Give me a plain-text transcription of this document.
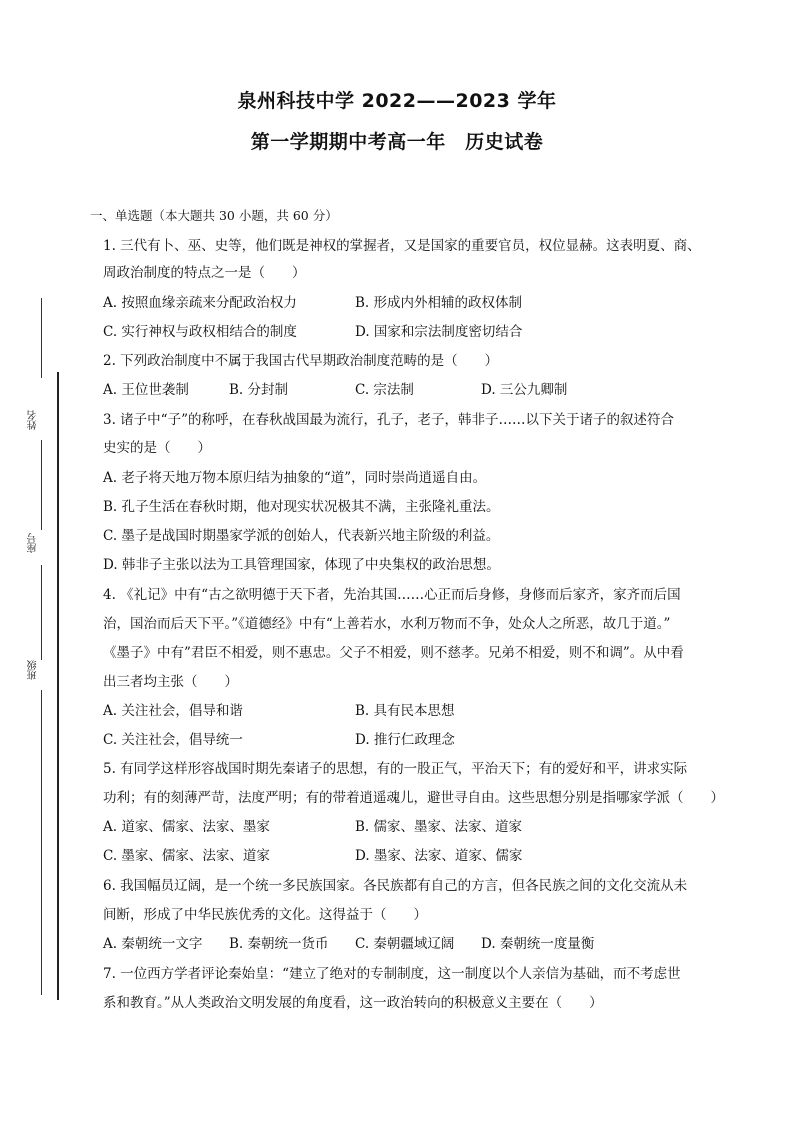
泉州科技中学 2022——2023 学年
第一学期期中考高一年　历史试卷
一、单选题（本大题共 30 小题，共 60 分）
姓名
座号
班级
1. 三代有卜、巫、史等，他们既是神权的掌握者，又是国家的重要官员，权位显赫。这表明夏、商、
周政治制度的特点之一是（　　）
A. 按照血缘亲疏来分配政治权力	B. 形成内外相辅的政权体制
C. 实行神权与政权相结合的制度	D. 国家和宗法制度密切结合
2. 下列政治制度中不属于我国古代早期政治制度范畴的是（　　）
A. 王位世袭制	B. 分封制	C. 宗法制	D. 三公九卿制
3. 诸子中“子”的称呼，在春秋战国最为流行，孔子，老子，韩非子……以下关于诸子的叙述符合
史实的是（　　）
A. 老子将天地万物本原归结为抽象的“道”，同时崇尚逍遥自由。
B. 孔子生活在春秋时期，他对现实状况极其不满，主张隆礼重法。
C. 墨子是战国时期墨家学派的创始人，代表新兴地主阶级的利益。
D. 韩非子主张以法为工具管理国家，体现了中央集权的政治思想。
4. 《礼记》中有“古之欲明德于天下者，先治其国……心正而后身修，身修而后家齐，家齐而后国
治，国治而后天下平。”《道德经》中有“上善若水，水利万物而不争，处众人之所恶，故几于道。”
《墨子》中有”君臣不相爱，则不惠忠。父子不相爱，则不慈孝。兄弟不相爱，则不和调”。从中看
出三者均主张（　　）
A. 关注社会，倡导和谐	B. 具有民本思想
C. 关注社会，倡导统一	D. 推行仁政理念
5. 有同学这样形容战国时期先秦诸子的思想，有的一股正气，平治天下；有的爱好和平，讲求实际
功利；有的刻薄严苛，法度严明；有的带着逍遥魂儿，避世寻自由。这些思想分别是指哪家学派（　　）
A. 道家、儒家、法家、墨家	B. 儒家、墨家、法家、道家
C. 墨家、儒家、法家、道家	D. 墨家、法家、道家、儒家
6. 我国幅员辽阔，是一个统一多民族国家。各民族都有自己的方言，但各民族之间的文化交流从未
间断，形成了中华民族优秀的文化。这得益于（　　）
A. 秦朝统一文字 B. 秦朝统一货币 C. 秦朝疆域辽阔 D. 秦朝统一度量衡
7. 一位西方学者评论秦始皇：“建立了绝对的专制制度，这一制度以个人亲信为基础，而不考虑世
系和教育。”从人类政治文明发展的角度看，这一政治转向的积极意义主要在（　　）
